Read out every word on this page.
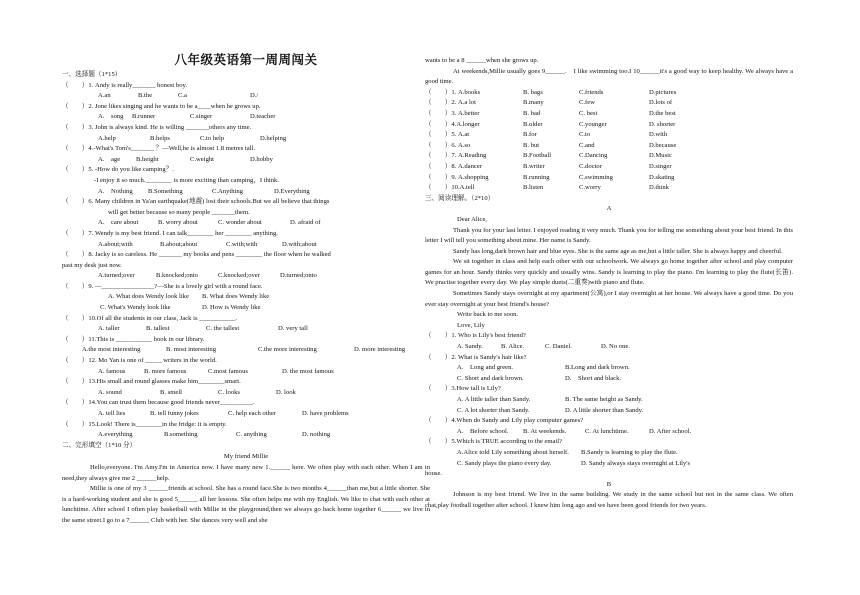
八年级英语第一周周闯关
一、选择题（1*15）
（　　）1. Andy is really_______ honest boy.
A.an	B.the	C.a	D./
（　　）2. Jone likes singing and he wants to be a____when he grows up.
A.　song	B.runner	C.singer	D.teacher
（　　）3. John is always kind. He is willing _______others any time.
A.help	B.helps	C.to help	D.helping
（　　）4.-What's Tom's_______ ？—Well,he is almost 1.8 metres tall.
A.　age	B.height	C.weight	D.hobby
（　　）5. -How do you like camping？.
-I enjoy it so much.________ is more exciting than camping，I think.
A.　Nothing	B.Something	C.Anything	D.Everything
（　　）6. Many children in Ya'an earthquake(地震) lost their schools.But we all believe that things
will get better because so many people _______them.
A.　care about	B. worry about	C. wonder about	D. afraid of
（　　）7. Wendy is my best friend. I can talk________ her ________ anything.
A.about;with	B.about;about	C.with;with	D.with;about
（　　）8. Jacky is so careless. He _______ my books and pens ________ the floor when he walked
past my desk just now.
A.turned;over	B.knocked;onto	C.knocked;over	D.turned;onto
（　　）9. —________________?—She is a lovely girl with a round face.
A. What does Wendy look like	B. What does Wendy like
C. What's Wendy look like	D. How is Wendy like
（　　）10.Of all the students in our class, Jack is ___________.
A. taller	B. tallest	C. the tallest	D. very tall
（　　）11.This is ___________ book in our library.
A.the most interesting	B. most interesting	C.the more interesting	D. more interesting
（　　）12. Mo Yan is one of _____ writers in the world.
A. famous	B. more famous	C.most famous	D. the most famous
（　　）13.His small and round glasses make him________smart.
A. sound	B. smell	C. looks	D. look
（　　）14.You can trust them because good friends never__________.
A. tell lies	B. tell funny jokes	C. help each other	D. have problems
（　　）15.Look! There is________in the fridge: it is empty.
A.everything	B.something	C. anything	D. nothing
二、完形填空（1*10 分）
My friend Millie
Hello,everyone. I'm Amy.I'm in America now. I have many new 1.______ here. We often play with each other. When I am in need,they always give me 2 ______help.
Millie is one of my 3 ______friends at school. She has a round face.She is two months 4______than me,but a little shorter. She is a hard-working student and she is good 5______ all her lessons. She often helps me with my English. We like to chat with each other at lunchtime. After school I often play basketball with Millie in the playground,then we always go back home together 6______ we live in the same street.I go to a 7______ Club with her. She dances very well and she
wants to be a 8 ______when she grows up.
At weekends,Millie usually goes 9______.　I like swimming too.I 10______it's a good way to keep healthy. We always have a good time.
（　　）1. A.books	B. bags	C.friends	D.pictures
（　　）2. A.a lot	B.many	C.few	D.lots of
（　　）3. A.better	B. bad	C. best	D.the best
（　　）4.A.longer	B.older	C.younger	D. shorter
（　　）5. A.at	B.for	C.to	D.with
（　　）6. A.so	B. but	C.and	D.because
（　　）7. A.Reading	B.Football	C.Dancing	D.Music
（　　）8. A.dancer	B.writer	C.doctor	D.singer
（　　）9. A.shopping	B.running	C.swimming	D.skating
（　　）10.A.tell	B.listen	C.worry	D.think
三、阅读理解。（2*10）
A
Dear Alice,
Thank you for your last letter. I enjoyed reading it very much. Thank you for telling me something about your best friend. In this letter I will tell you something about mine. Her name is Sandy.
Sandy has long,dark brown hair and blue eyes. She is the same age as me,but a little taller. She is always happy and cheerful.
We sit together in class and help each other with our schoolwork. We always go home together after school and play computer games for an hour. Sandy thinks very quickly and usually wins. Sandy is learning to play the piano. I'm learning to play the flute(长笛). We practise together every day. We play simple duets(二重奏)with piano and flute.
Sometimes Sandy stays overnight at my apartment(公寓),or I stay overnight at her house. We always have a good time. Do you ever stay overnight at your best friend's house?
Write back to me soon.
Love, Lily
（　　）1. Who is Lily's best friend?
A. Sandy.	B. Alice.	C. Daniel.	D. No one.
（　　）2. What is Sandy's hair like?
A.　Long and green.	B.Long and dark brown.
C. Short and dark brown.	D.　Short and black.
（　　）3.How tall is Lily?
A. A little taller than Sandy.	B. The same height as Sandy.
C. A lot shorter than Sandy.	D. A little shorter than Sandy.
（　　）4.When do Sandy and Lily play computer games?
A.　Before school.	B. At weekends.	C. At lunchtime.	D. After school.
（　　）5.Which is TRUE according to the email?
A.Alice told Lily something about herself.	B.Sandy is learning to play the flute.
C. Sandy plays the piano every day.	D. Sandy always stays overnight at Lily's
house.
B
Johnson is my best friend. We live in the same building. We study in the same school but not in the same class. We often chat,play football together after school. I knew him long ago and we have been good friends for two years.
